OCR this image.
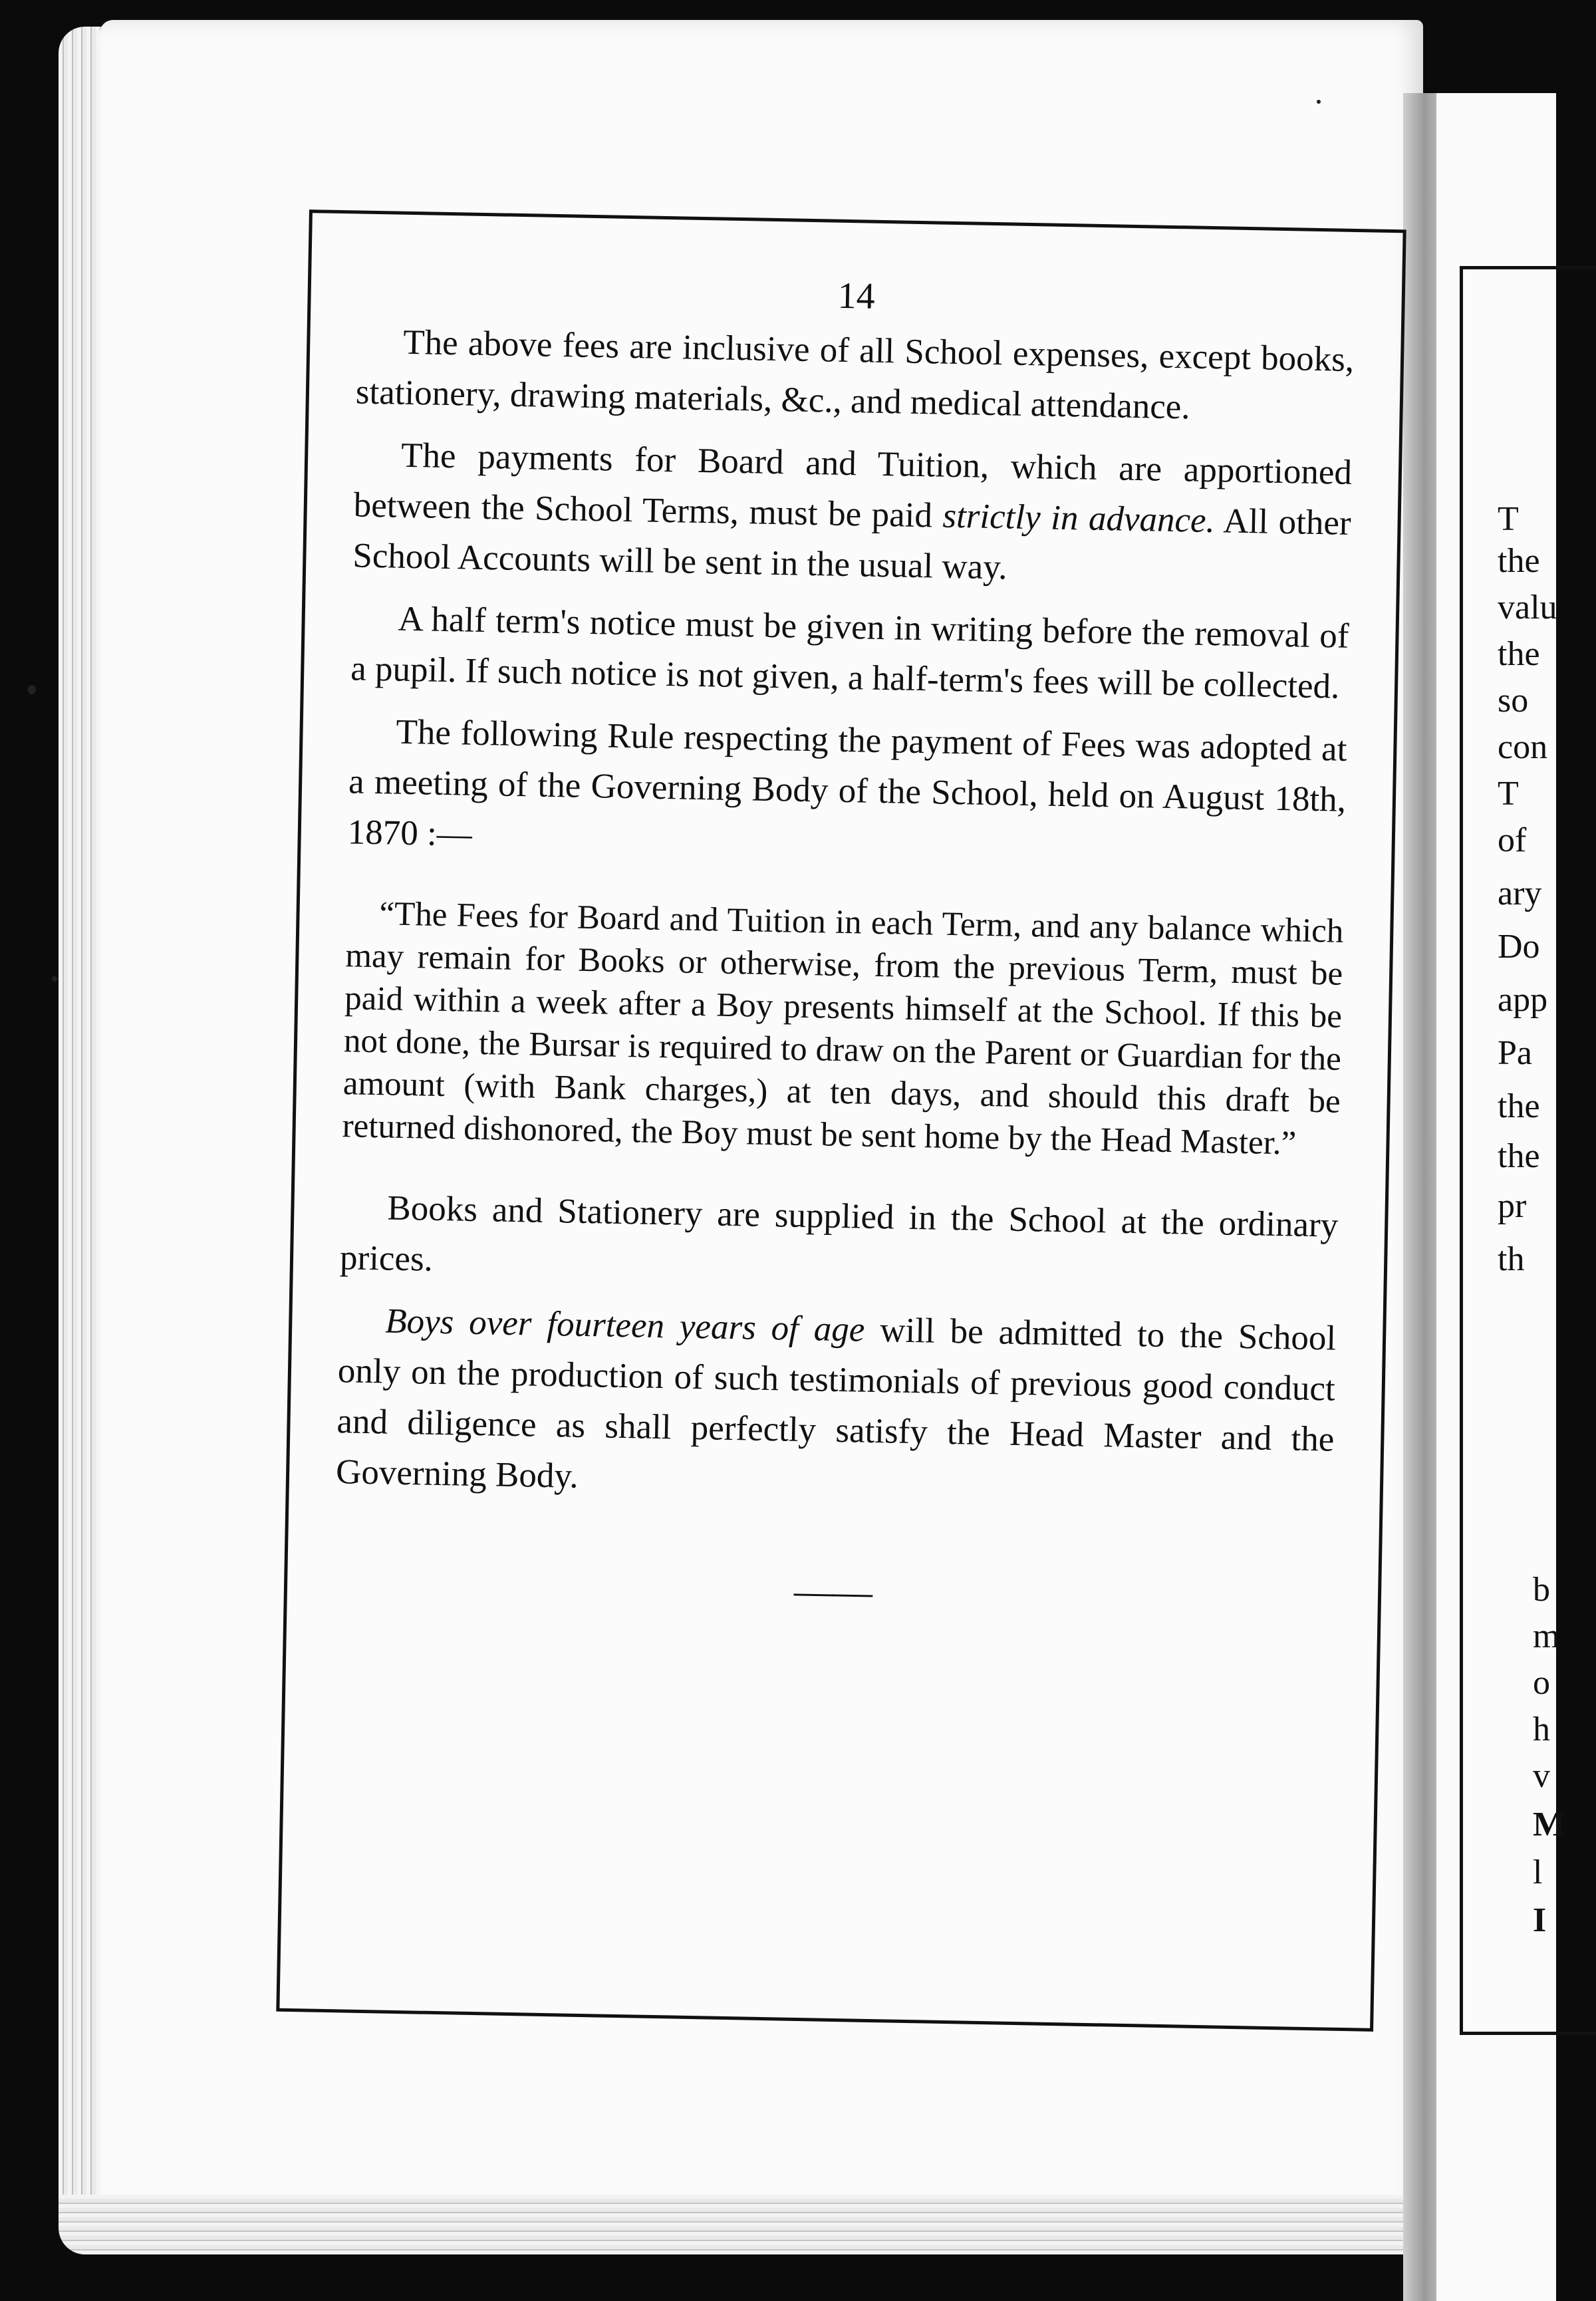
T
the
valu
the
so
con
T
of
ary
Do
app
Pa
the
the
pr
th
b
m
o
h
v
M
l
I

14

The above fees are inclusive of all School expenses, except books, stationery, drawing materials, &c., and medical attendance.

The payments for Board and Tuition, which are apportioned between the School Terms, must be paid strictly in advance. All other School Accounts will be sent in the usual way.

A half term's notice must be given in writing before the removal of a pupil. If such notice is not given, a half-term's fees will be collected.

The following Rule respecting the payment of Fees was adopted at a meeting of the Governing Body of the School, held on August 18th, 1870 :—

“The Fees for Board and Tuition in each Term, and any balance which may remain for Books or otherwise, from the previous Term, must be paid within a week after a Boy presents himself at the School. If this be not done, the Bursar is required to draw on the Parent or Guardian for the amount (with Bank charges,) at ten days, and should this draft be returned dishonored, the Boy must be sent home by the Head Master.”

Books and Stationery are supplied in the School at the ordinary prices.

Boys over fourteen years of age will be admitted to the School only on the production of such testimonials of previous good conduct and diligence as shall perfectly satisfy the Head Master and the Governing Body.

——
